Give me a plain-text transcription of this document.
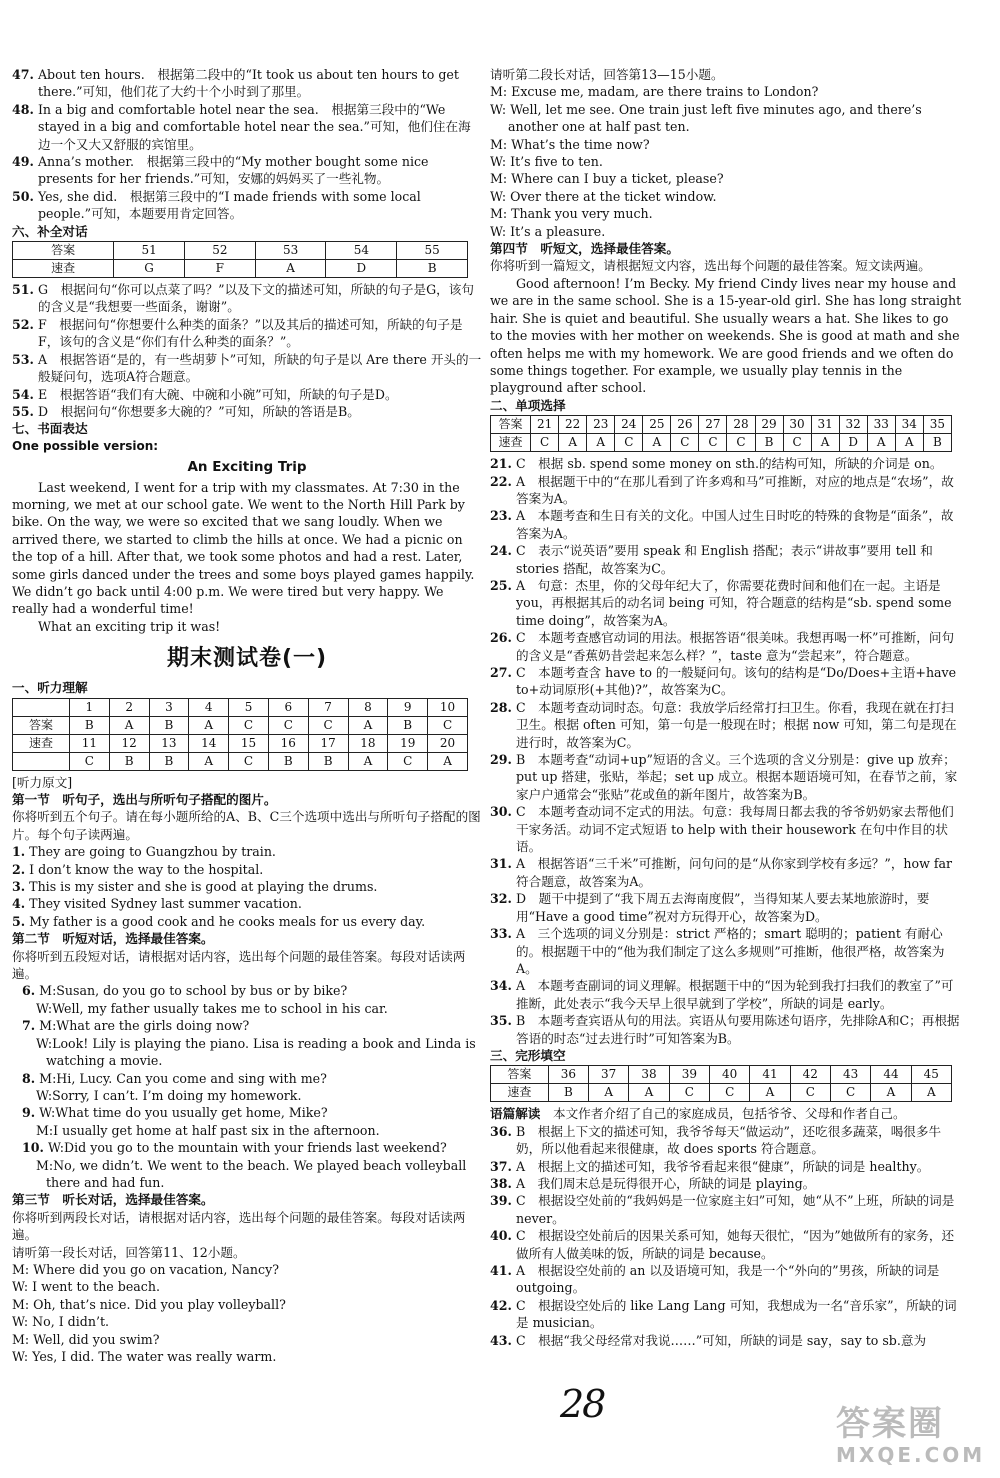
47. About ten hours.　根据第二段中的“It took us about ten hours to get there.”可知，他们花了大约十个小时到了那里。
48. In a big and comfortable hotel near the sea.　根据第三段中的“We stayed in a big and comfortable hotel near the sea.”可知，他们住在海边一个又大又舒服的宾馆里。
49. Anna’s mother.　根据第三段中的“My mother bought some nice presents for her friends.”可知，安娜的妈妈买了一些礼物。
50. Yes, she did.　根据第三段中的“I made friends with some local people.”可知，本题要用肯定回答。
六、补全对话
答案	51	52	53	54	55
速查	G	F	A	D	B
51. G　根据问句“你可以点菜了吗？”以及下文的描述可知，所缺的句子是G，该句的含义是“我想要一些面条，谢谢”。
52. F　根据问句“你想要什么种类的面条？”以及其后的描述可知，所缺的句子是F，该句的含义是“你们有什么种类的面条？”。
53. A　根据答语“是的，有一些胡萝卜”可知，所缺的句子是以 Are there 开头的一般疑问句，选项A符合题意。
54. E　根据答语“我们有大碗、中碗和小碗”可知，所缺的句子是D。
55. D　根据问句“你想要多大碗的？”可知，所缺的答语是B。
七、书面表达
One possible version:
An Exciting Trip
Last weekend, I went for a trip with my classmates. At 7:30 in the morning, we met at our school gate. We went to the North Hill Park by bike. On the way, we were so excited that we sang loudly. When we arrived there, we started to climb the hills at once. We had a picnic on the top of a hill. After that, we took some photos and had a rest. Later, some girls danced under the trees and some boys played games happily. We didn’t go back until 4:00 p.m. We were tired but very happy. We really had a wonderful time!
What an exciting trip it was!
期末测试卷(一)
一、听力理解
	1	2	3	4	5	6	7	8	9	10
答案	B	A	B	A	C	C	C	A	B	C
速查	11	12	13	14	15	16	17	18	19	20
	C	B	B	A	C	B	B	A	C	A
[听力原文]
第一节　听句子，选出与所听句子搭配的图片。
你将听到五个句子。请在每小题所给的A、B、C三个选项中选出与所听句子搭配的图片。每个句子读两遍。
1. They are going to Guangzhou by train.
2. I don’t know the way to the hospital.
3. This is my sister and she is good at playing the drums.
4. They visited Sydney last summer vacation.
5. My father is a good cook and he cooks meals for us every day.
第二节　听短对话，选择最佳答案。
你将听到五段短对话，请根据对话内容，选出每个问题的最佳答案。每段对话读两遍。
6. M:Susan, do you go to school by bus or by bike?
W:Well, my father usually takes me to school in his car.
7. M:What are the girls doing now?
W:Look! Lily is playing the piano. Lisa is reading a book and Linda is watching a movie.
8. M:Hi, Lucy. Can you come and sing with me?
W:Sorry, I can’t. I’m doing my homework.
9. W:What time do you usually get home, Mike?
M:I usually get home at half past six in the afternoon.
10. W:Did you go to the mountain with your friends last weekend?
M:No, we didn’t. We went to the beach. We played beach volleyball there and had fun.
第三节　听长对话，选择最佳答案。
你将听到两段长对话，请根据对话内容，选出每个问题的最佳答案。每段对话读两遍。
请听第一段长对话，回答第11、12小题。
M: Where did you go on vacation, Nancy?
W: I went to the beach.
M: Oh, that’s nice. Did you play volleyball?
W: No, I didn’t.
M: Well, did you swim?
W: Yes, I did. The water was really warm.
请听第二段长对话，回答第13—15小题。
M: Excuse me, madam, are there trains to London?
W: Well, let me see. One train just left five minutes ago, and there’s another one at half past ten.
M: What’s the time now?
W: It’s five to ten.
M: Where can I buy a ticket, please?
W: Over there at the ticket window.
M: Thank you very much.
W: It’s a pleasure.
第四节　听短文，选择最佳答案。
你将听到一篇短文，请根据短文内容，选出每个问题的最佳答案。短文读两遍。
Good afternoon! I’m Becky. My friend Cindy lives near my house and we are in the same school. She is a 15-year-old girl. She has long straight hair. She is quiet and beautiful. She usually wears a hat. She likes to go to the movies with her mother on weekends. She is good at math and she often helps me with my homework. We are good friends and we often do some things together. For example, we usually play tennis in the playground after school.
二、单项选择
答案	21	22	23	24	25	26	27	28	29	30	31	32	33	34	35
速查	C	A	A	C	A	C	C	C	B	C	A	D	A	A	B
21. C　根据 sb. spend some money on sth.的结构可知，所缺的介词是 on。
22. A　根据题干中的“在那儿看到了许多鸡和马”可推断，对应的地点是“农场”，故答案为A。
23. A　本题考查和生日有关的文化。中国人过生日时吃的特殊的食物是“面条”，故答案为A。
24. C　表示“说英语”要用 speak 和 English 搭配；表示“讲故事”要用 tell 和 stories 搭配，故答案为C。
25. A　句意：杰里，你的父母年纪大了，你需要花费时间和他们在一起。主语是 you，再根据其后的动名词 being 可知，符合题意的结构是“sb. spend some time doing”，故答案为A。
26. C　本题考查感官动词的用法。根据答语“很美味。我想再喝一杯”可推断，问句的含义是“香蕉奶昔尝起来怎么样？”，taste 意为“尝起来”，符合题意。
27. C　本题考查含 have to 的一般疑问句。该句的结构是“Do/Does+主语+have to+动词原形(+其他)?”，故答案为C。
28. C　本题考查动词时态。句意：我放学后经常打扫卫生。你看，我现在就在打扫卫生。根据 often 可知，第一句是一般现在时；根据 now 可知，第二句是现在进行时，故答案为C。
29. B　本题考查“动词+up”短语的含义。三个选项的含义分别是：give up 放弃；put up 搭建，张贴，举起；set up 成立。根据本题语境可知，在春节之前，家家户户通常会“张贴”花或鱼的新年图片，故答案为B。
30. C　本题考查动词不定式的用法。句意：我每周日都去我的爷爷奶奶家去帮他们干家务活。动词不定式短语 to help with their housework 在句中作目的状语。
31. A　根据答语“三千米”可推断，问句问的是“从你家到学校有多远？”，how far 符合题意，故答案为A。
32. D　题干中提到了“我下周五去海南度假”，当得知某人要去某地旅游时，要用“Have a good time”祝对方玩得开心，故答案为D。
33. A　三个选项的词义分别是：strict 严格的；smart 聪明的；patient 有耐心的。根据题干中的“他为我们制定了这么多规则”可推断，他很严格，故答案为A。
34. A　本题考查副词的词义理解。根据题干中的“因为轮到我打扫我们的教室了”可推断，此处表示“我今天早上很早就到了学校”，所缺的词是 early。
35. B　本题考查宾语从句的用法。宾语从句要用陈述句语序，先排除A和C；再根据答语的时态“过去进行时”可知答案为B。
三、完形填空
答案	36	37	38	39	40	41	42	43	44	45
速查	B	A	A	C	C	A	C	C	A	A
语篇解读　 本文作者介绍了自己的家庭成员，包括爷爷、父母和作者自己。
36. B　根据上下文的描述可知，我爷爷每天“做运动”，还吃很多蔬菜，喝很多牛奶，所以他看起来很健康，故 does sports 符合题意。
37. A　根据上文的描述可知，我爷爷看起来很“健康”，所缺的词是 healthy。
38. A　我们周末总是玩得很开心，所缺的词是 playing。
39. C　根据设空处前的“我妈妈是一位家庭主妇”可知，她“从不”上班，所缺的词是 never。
40. C　根据设空处前后的因果关系可知，她每天很忙，“因为”她做所有的家务，还做所有人做美味的饭，所缺的词是 because。
41. A　根据设空处前的 an 以及语境可知，我是一个“外向的”男孩，所缺的词是 outgoing。
42. C　根据设空处后的 like Lang Lang 可知，我想成为一名“音乐家”，所缺的词是 musician。
43. C　根据“我父母经常对我说……”可知，所缺的词是 say，say to sb.意为
28	答案圈
MXQE.COM
